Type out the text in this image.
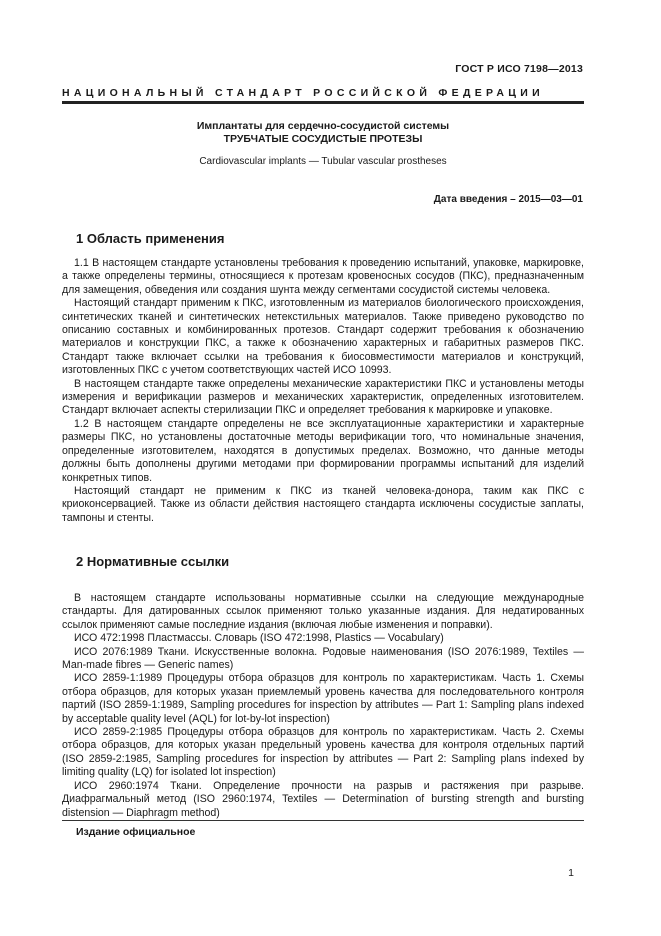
ГОСТ Р ИСО 7198—2013
НАЦИОНАЛЬНЫЙ СТАНДАРТ РОССИЙСКОЙ ФЕДЕРАЦИИ
Имплантаты для сердечно-сосудистой системы
ТРУБЧАТЫЕ СОСУДИСТЫЕ ПРОТЕЗЫ
Cardiovascular implants — Tubular vascular prostheses
Дата введения – 2015—03—01
1 Область применения

1.1 В настоящем стандарте установлены требования к проведению испытаний, упаковке, маркировке, а также определены термины, относящиеся к протезам кровеносных сосудов (ПКС), предназначенным для замещения, обведения или создания шунта между сегментами сосудистой системы человека.

Настоящий стандарт применим к ПКС, изготовленным из материалов биологического происхождения, синтетических тканей и синтетических нетекстильных материалов. Также приведено руководство по описанию составных и комбинированных протезов. Стандарт содержит требования к обозначению материалов и конструкции ПКС, а также к обозначению характерных и габаритных размеров ПКС. Стандарт также включает ссылки на требования к биосовместимости материалов и конструкций, изготовленных ПКС с учетом соответствующих частей ИСО 10993.

В настоящем стандарте также определены механические характеристики ПКС и установлены методы измерения и верификации размеров и механических характеристик, определенных изготовителем. Стандарт включает аспекты стерилизации ПКС и определяет требования к маркировке и упаковке.

1.2 В настоящем стандарте определены не все эксплуатационные характеристики и характерные размеры ПКС, но установлены достаточные методы верификации того, что номинальные значения, определенные изготовителем, находятся в допустимых пределах. Возможно, что данные методы должны быть дополнены другими методами при формировании программы испытаний для изделий конкретных типов.

Настоящий стандарт не применим к ПКС из тканей человека-донора, таким как ПКС с криоконсервацией. Также из области действия настоящего стандарта исключены сосудистые заплаты, тампоны и стенты.

2 Нормативные ссылки

В настоящем стандарте использованы нормативные ссылки на следующие международные стандарты. Для датированных ссылок применяют только указанные издания. Для недатированных ссылок применяют самые последние издания (включая любые изменения и поправки).

ИСО 472:1998 Пластмассы. Словарь (ISO 472:1998, Plastics — Vocabulary)

ИСО 2076:1989 Ткани. Искусственные волокна. Родовые наименования (ISO 2076:1989, Textiles — Man-made fibres — Generic names)

ИСО 2859-1:1989 Процедуры отбора образцов для контроль по характеристикам. Часть 1. Схемы отбора образцов, для которых указан приемлемый уровень качества для последовательного контроля партий (ISO 2859-1:1989, Sampling procedures for inspection by attributes — Part 1: Sampling plans indexed by acceptable quality level (AQL) for lot-by-lot inspection)

ИСО 2859-2:1985 Процедуры отбора образцов для контроль по характеристикам. Часть 2. Схемы отбора образцов, для которых указан предельный уровень качества для контроля отдельных партий (ISO 2859-2:1985, Sampling procedures for inspection by attributes — Part 2: Sampling plans indexed by limiting quality (LQ) for isolated lot inspection)

ИСО 2960:1974 Ткани. Определение прочности на разрыв и растяжения при разрыве. Диафрагмальный метод (ISO 2960:1974, Textiles — Determination of bursting strength and bursting distension — Diaphragm method)

Издание официальное
1
